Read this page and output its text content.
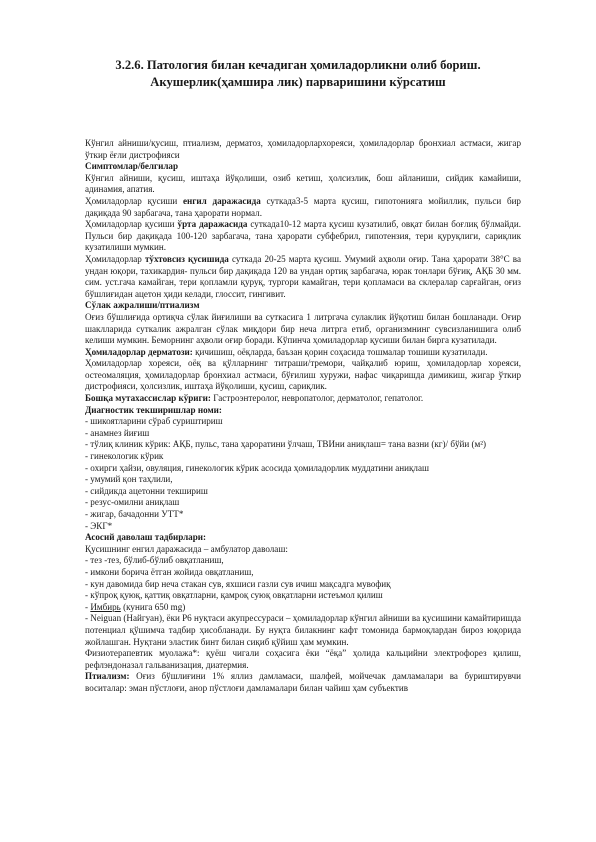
3.2.6. Патология билан кечадиган ҳомиладорликни олиб бориш.
Акушерлик(ҳамшира лик) парваришини кўрсатиш

Кўнгил айниши/қусиш, птиализм, дерматоз, ҳомиладорлархореяси, ҳомиладорлар бронхиал астмаси, жигар ўткир ёғли дистрофияси

Симптомлар/белгилар

Кўнгил айниши, қусиш, иштаҳа йўқолиши, озиб кетиш, ҳолсизлик, бош айланиши, сийдик камайиши, адинамия, апатия.

Ҳомиладорлар қусиши енгил даражасида суткада3-5 марта қусиш, гипотонияга мойиллик, пульси бир дақиқада 90 зарбагача, тана ҳарорати нормал.

Ҳомиладорлар қусиши ўрта даражасида суткада10-12 марта қусиш кузатилиб, овқат билан боғлиқ бўлмайди. Пульси бир дақиқада 100-120 зарбагача, тана ҳарорати субфебрил, гипотензия, тери қуруқлиги, сариқлик кузатилиши мумкин.

Ҳомиладорлар тўхтовсиз қусишида суткада 20-25 марта қусиш. Умумий аҳволи оғир. Тана ҳарорати 38°С ва ундан юқори, тахикардия- пульси бир дақиқада 120 ва ундан ортиқ зарбагача, юрак тонлари бўғиқ, АҚБ 30 мм. сим. уст.гача камайган, тери қопламли қуруқ, тургори камайган, тери қопламаси ва склералар сарғайган, оғиз бўшлиғидан ацетон ҳиди келади, глоссит, гингивит.

Сўлак ажралиши/птиализм

Оғиз бўшлиғида ортиқча сўлак йиғилиши ва суткасига 1 литргача сулаклик йўқотиш билан бошланади. Оғир шаклларида суткалик ажралган сўлак миқдори бир неча литрга етиб, организмнинг сувсизланишига олиб келиши мумкин. Беморнинг аҳволи оғир боради. Кўпинча ҳомиладорлар қусиши билан бирга кузатилади.

Ҳомиладорлар дерматози: қичишиш, оёқларда, баъзан қорин соҳасида тошмалар тошиши кузатилади.

Ҳомиладорлар хореяси, оёқ ва қўлларнинг титраши/тремори, чайқалиб юриш, ҳомиладорлар хореяси, остеомаляция, ҳомиладорлар бронхиал астмаси, бўғилиш хуружи, нафас чиқаришда димикиш, жигар ўткир дистрофияси, ҳолсизлик, иштаҳа йўқолиши, қусиш, сариқлик.

Бошқа мутахассислар кўриги: Гастроэнтеролог, невропатолог, дерматолог, гепатолог.

Диагностик текширишлар номи:

- шикоятларини сўраб суриштириш

- анамнез йиғиш

- тўлиқ клиник кўрик: АҚБ, пульс, тана ҳароратини ўлчаш, ТВИни аниқлаш= тана вазни (кг)/ бўйи (м²)

- гинекологик кўрик

- охирги ҳайзи, овуляция, гинекологик кўрик асосида ҳомиладорлик муддатини аниқлаш

- умумий қон таҳлили,

- сийдикда ацетонни текшириш

- резус-омилни аниқлаш

- жигар, бачадонни УТТ*

- ЭКГ*

Асосий даволаш тадбирлари:

Қусишнинг енгил даражасида – амбулатор даволаш:

- тез -тез, бўлиб-бўлиб овқатланиш,

- имкони борича ётган жойида овқатланиш,

- кун давомида бир неча стакан сув, яхшиси газли сув ичиш мақсадга мувофиқ

- кўпроқ қуюқ, қаттиқ овқатларни, қамроқ суюқ овқатларни истеъмол қилиш

- Имбирь (кунига 650 mg)

- Neiguan (Найгуан), ёки Р6 нуқтаси акупрессураси – ҳомиладорлар кўнгил айниши ва қусишини камайтиришда потенциал қўшимча тадбир ҳисобланади. Бу нуқта билакнинг кафт томонида бармоқлардан бироз юқорида жойлашган. Нуқтани эластик бинт билан сиқиб қўйиш ҳам мумкин.

Физиотерапевтик муолажа*: қуёш чигали соҳасига ёки “ёқа” ҳолида кальцийни электрофорез қилиш, рефлэндоназал гальванизация, диатермия.

Птиализм: Оғиз бўшлиғини 1% яллиз дамламаси, шалфей, мойчечак дамламалари ва буриштирувчи воситалар: эман пўстлоғи, анор пўстлоғи дамламалари билан чайиш ҳам субъектив
